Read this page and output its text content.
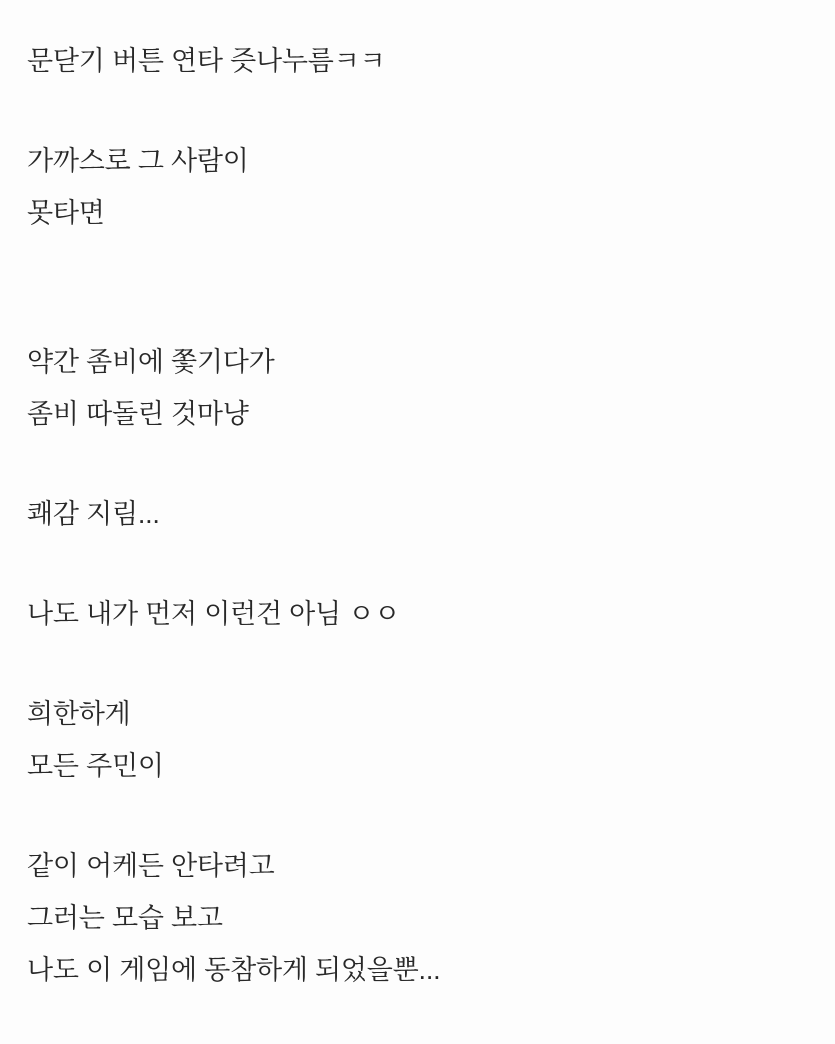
문닫기 버튼 연타 즛나누름ㅋㅋ
가까스로 그 사람이
못타면
약간 좀비에 쫓기다가
좀비 따돌린 것마냥
쾌감 지림...
나도 내가 먼저 이런건 아님 ㅇㅇ
희한하게
모든 주민이
같이 어케든 안타려고
그러는 모습 보고
나도 이 게임에 동참하게 되었을뿐...
